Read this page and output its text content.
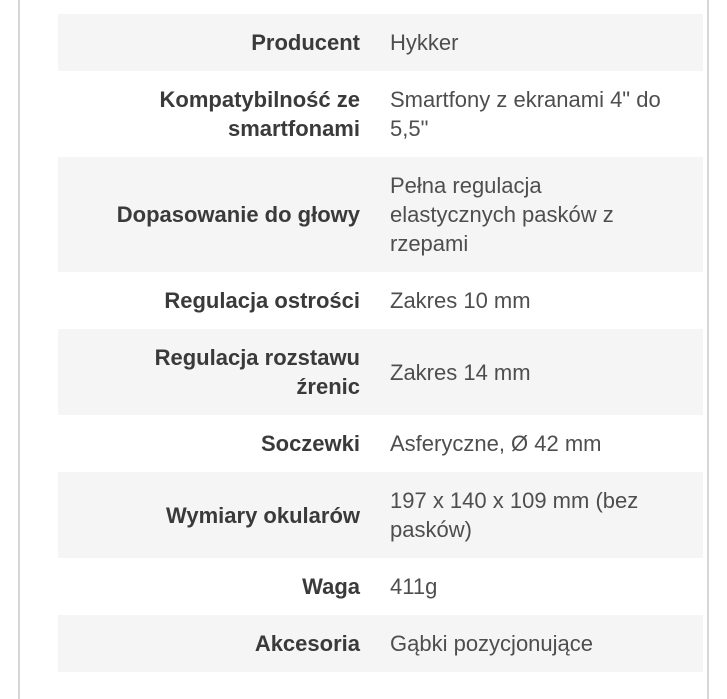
Producent	Hykker
Kompatybilność ze smartfonami	Smartfony z ekranami 4" do 5,5"
Dopasowanie do głowy	Pełna regulacja elastycznych pasków z rzepami
Regulacja ostrości	Zakres 10 mm
Regulacja rozstawu źrenic	Zakres 14 mm
Soczewki	Asferyczne, Ø 42 mm
Wymiary okularów	197 x 140 x 109 mm (bez pasków)
Waga	411g
Akcesoria	Gąbki pozycjonujące
